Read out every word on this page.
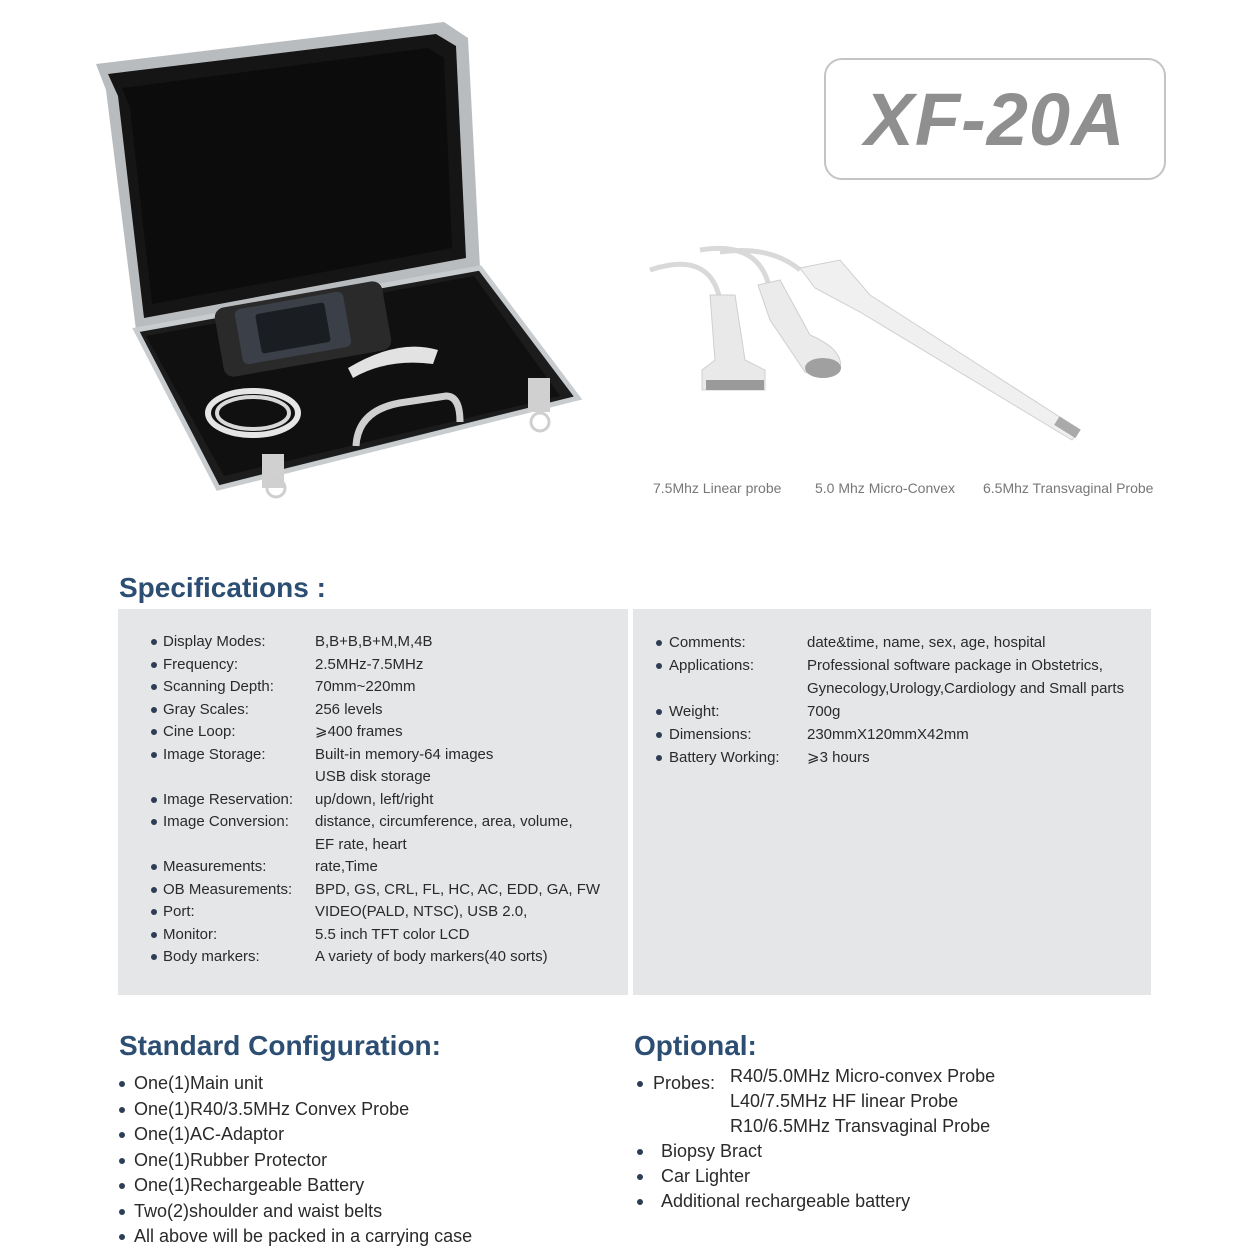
XF-20A
7.5Mhz Linear probe 5.0 Mhz Micro-Convex 6.5Mhz Transvaginal Probe
Specifications :
Display Modes:	B,B+B,B+M,M,4B
Frequency:	2.5MHz-7.5MHz
Scanning Depth:	70mm~220mm
Gray Scales:	256 levels
Cine Loop:	⩾400 frames
Image Storage:	Built-in memory-64 images
USB disk storage
Image Reservation: up/down, left/right
Image Conversion: distance, circumference, area, volume,
EF rate, heart
Measurements:	rate,Time
OB Measurements: BPD, GS, CRL, FL, HC, AC, EDD, GA, FW
Port:	VIDEO(PALD, NTSC), USB 2.0,
Monitor:	5.5 inch TFT color LCD
Body markers:	A variety of body markers(40 sorts)
Comments:	date&time, name, sex, age, hospital
Applications:	Professional software package in Obstetrics,
Gynecology,Urology,Cardiology and Small parts
Weight:	700g
Dimensions:	230mmX120mmX42mm
Battery Working: ⩾3 hours
Standard Configuration:
One(1)Main unit
One(1)R40/3.5MHz Convex Probe
One(1)AC-Adaptor
One(1)Rubber Protector
One(1)Rechargeable Battery
Two(2)shoulder and waist belts
All above will be packed in a carrying case
Optional:
Probes: R40/5.0MHz Micro-convex Probe
L40/7.5MHz HF linear Probe
R10/6.5MHz Transvaginal Probe
Biopsy Bract
Car Lighter
Additional rechargeable battery
